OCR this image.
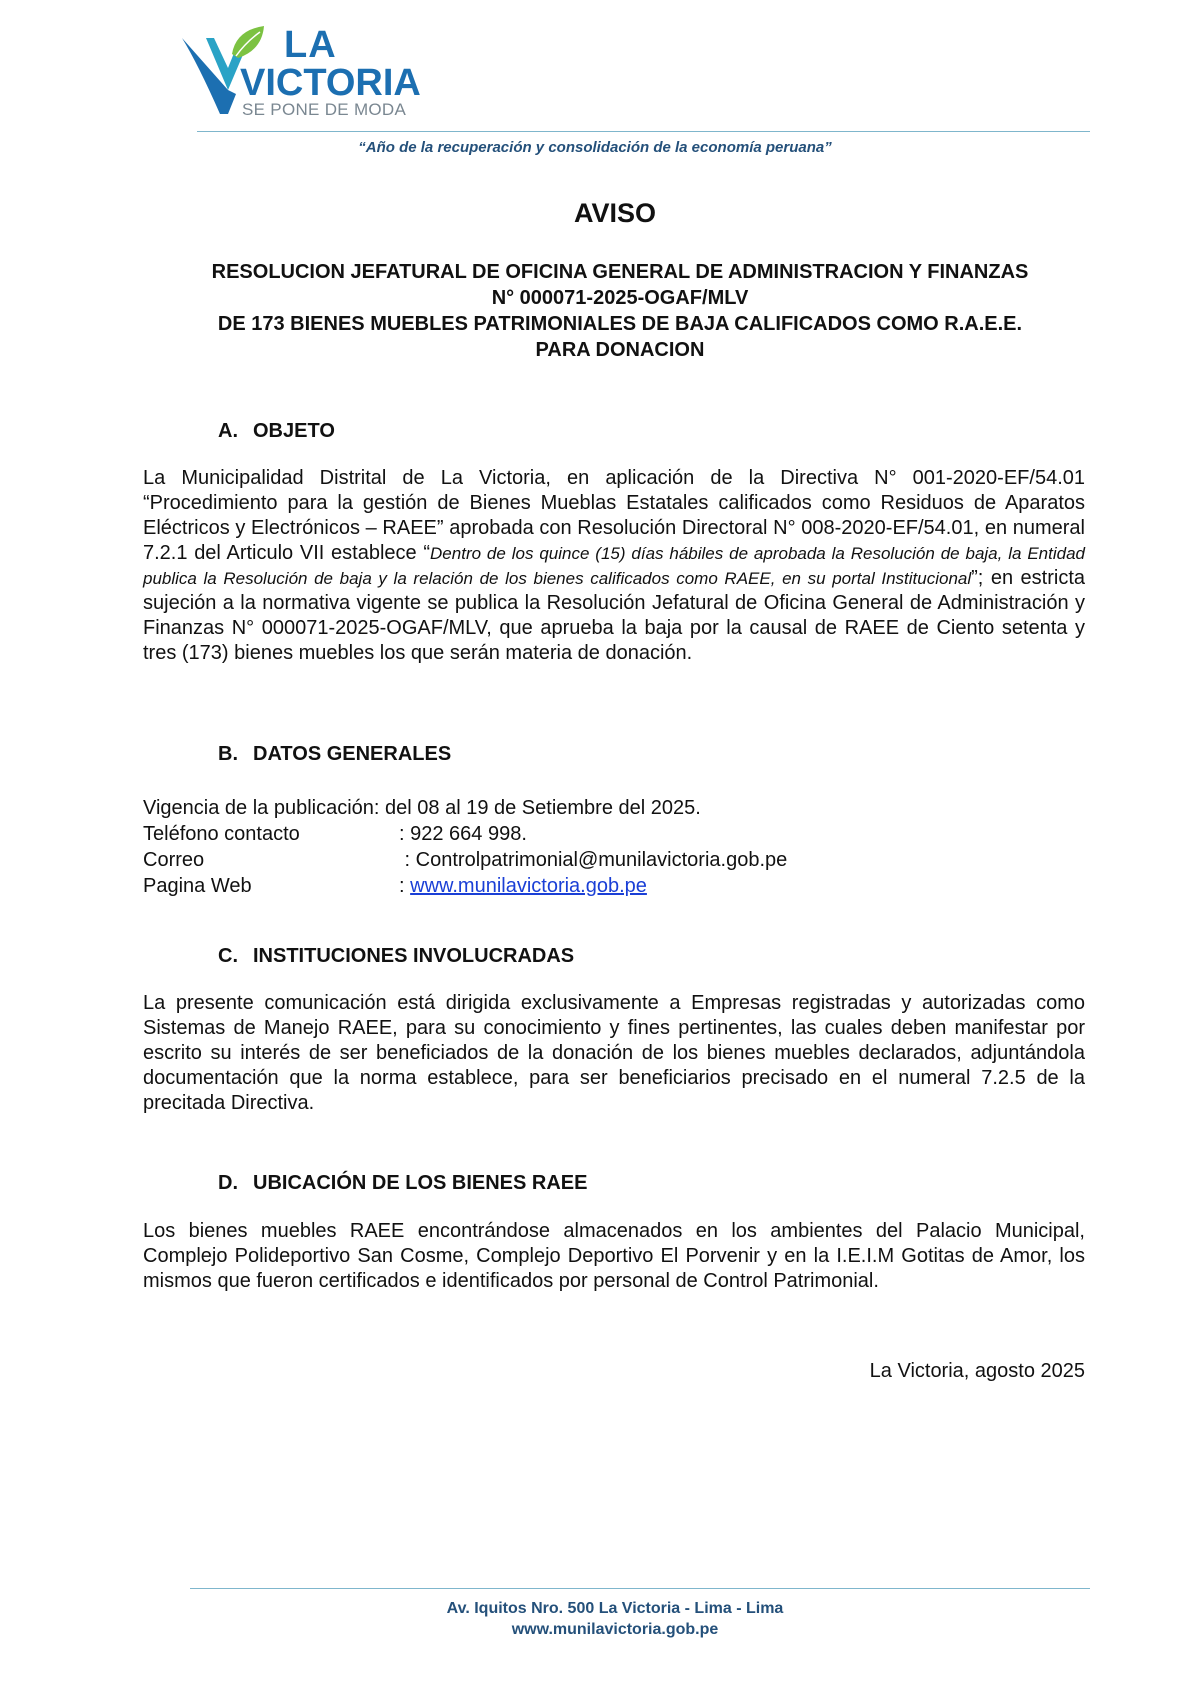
LA
VICTORIA
SE PONE DE MODA
“Año de la recuperación y consolidación de la economía peruana”
AVISO
RESOLUCION JEFATURAL DE OFICINA GENERAL DE ADMINISTRACION Y FINANZAS
N° 000071-2025-OGAF/MLV
DE 173 BIENES MUEBLES PATRIMONIALES DE BAJA CALIFICADOS COMO R.A.E.E.
PARA DONACION
A. OBJETO
La Municipalidad Distrital de La Victoria, en aplicación de la Directiva N° 001-2020-EF/54.01 “Procedimiento para la gestión de Bienes Mueblas Estatales calificados como Residuos de Aparatos Eléctricos y Electrónicos – RAEE” aprobada con Resolución Directoral N° 008-2020-EF/54.01, en numeral 7.2.1 del Articulo VII establece “Dentro de los quince (15) días hábiles de aprobada la Resolución de baja, la Entidad publica la Resolución de baja y la relación de los bienes calificados como RAEE, en su portal Institucional”; en estricta sujeción a la normativa vigente se publica la Resolución Jefatural de Oficina General de Administración y Finanzas N° 000071-2025-OGAF/MLV, que aprueba la baja por la causal de RAEE de Ciento setenta y tres (173) bienes muebles los que serán materia de donación.
B. DATOS GENERALES
Vigencia de la publicación: del 08 al 19 de Setiembre del 2025.
Teléfono contacto	: 922 664 998.
Correo	: Controlpatrimonial@munilavictoria.gob.pe
Pagina Web	: www.munilavictoria.gob.pe
C. INSTITUCIONES INVOLUCRADAS
La presente comunicación está dirigida exclusivamente a Empresas registradas y autorizadas como Sistemas de Manejo RAEE, para su conocimiento y fines pertinentes, las cuales deben manifestar por escrito su interés de ser beneficiados de la donación de los bienes muebles declarados, adjuntándola documentación que la norma establece, para ser beneficiarios precisado en el numeral 7.2.5 de la precitada Directiva.
D. UBICACIÓN DE LOS BIENES RAEE
Los bienes muebles RAEE encontrándose almacenados en los ambientes del Palacio Municipal, Complejo Polideportivo San Cosme, Complejo Deportivo El Porvenir y en la I.E.I.M Gotitas de Amor, los mismos que fueron certificados e identificados por personal de Control Patrimonial.
La Victoria, agosto 2025
Av. Iquitos Nro. 500 La Victoria - Lima - Lima
www.munilavictoria.gob.pe
